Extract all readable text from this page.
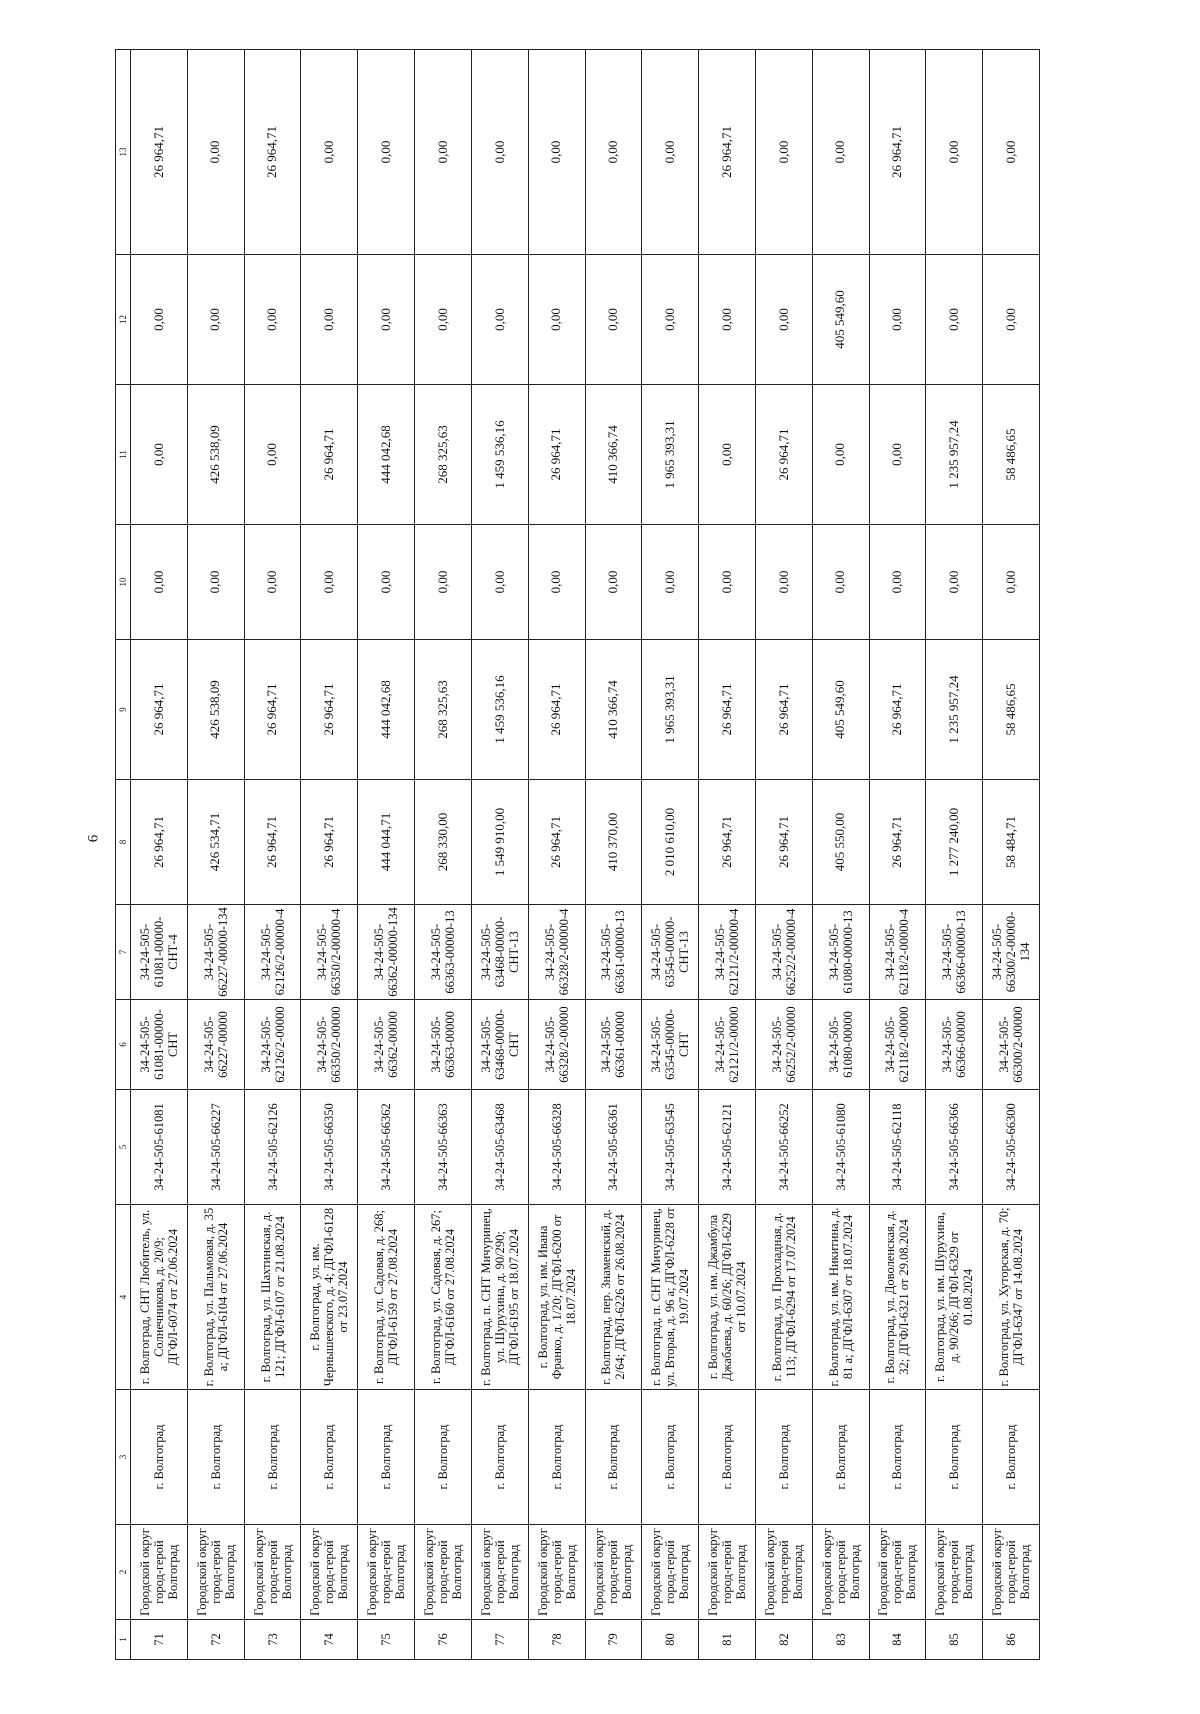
6
1	2	3	4	5	6	7	8	9	10	11	12	13
71	Городской округ город-герой Волгоград	г. Волгоград	г. Волгоград, СНТ Любитель, ул. Солнечникова, д. 20/9; ДГФЛ-6074 от 27.06.2024	34-24-505-61081	34-24-505-61081-00000-СНТ	34-24-505-61081-00000-СНТ-4	26 964,71	26 964,71	0,00	0,00	0,00	26 964,71
72	Городской округ город-герой Волгоград	г. Волгоград	г. Волгоград, ул. Пальмовая, д. 35 а; ДГФЛ-6104 от 27.06.2024	34-24-505-66227	34-24-505-66227-00000	34-24-505-66227-00000-134	426 534,71	426 538,09	0,00	426 538,09	0,00	0,00
73	Городской округ город-герой Волгоград	г. Волгоград	г. Волгоград, ул. Шахтинская, д. 121; ДГФЛ-6107 от 21.08.2024	34-24-505-62126	34-24-505-62126/2-00000	34-24-505-62126/2-00000-4	26 964,71	26 964,71	0,00	0,00	0,00	26 964,71
74	Городской округ город-герой Волгоград	г. Волгоград	г. Волгоград, ул. им. Чернышевского, д. 4; ДГФЛ-6128 от 23.07.2024	34-24-505-66350	34-24-505-66350/2-00000	34-24-505-66350/2-00000-4	26 964,71	26 964,71	0,00	26 964,71	0,00	0,00
75	Городской округ город-герой Волгоград	г. Волгоград	г. Волгоград, ул. Садовая, д. 268; ДГФЛ-6159 от 27.08.2024	34-24-505-66362	34-24-505-66362-00000	34-24-505-66362-00000-134	444 044,71	444 042,68	0,00	444 042,68	0,00	0,00
76	Городской округ город-герой Волгоград	г. Волгоград	г. Волгоград, ул. Садовая, д. 267; ДГФЛ-6160 от 27.08.2024	34-24-505-66363	34-24-505-66363-00000	34-24-505-66363-00000-13	268 330,00	268 325,63	0,00	268 325,63	0,00	0,00
77	Городской округ город-герой Волгоград	г. Волгоград	г. Волгоград, п. СНТ Мичуринец, ул. Шурухина, д. 90/290; ДГФЛ-6195 от 18.07.2024	34-24-505-63468	34-24-505-63468-00000-СНТ	34-24-505-63468-00000-СНТ-13	1 549 910,00	1 459 536,16	0,00	1 459 536,16	0,00	0,00
78	Городской округ город-герой Волгоград	г. Волгоград	г. Волгоград, ул. им. Ивана Франко, д. 1/20; ДГФЛ-6200 от 18.07.2024	34-24-505-66328	34-24-505-66328/2-00000	34-24-505-66328/2-00000-4	26 964,71	26 964,71	0,00	26 964,71	0,00	0,00
79	Городской округ город-герой Волгоград	г. Волгоград	г. Волгоград, пер. Знаменский, д. 2/64; ДГФЛ-6226 от 26.08.2024	34-24-505-66361	34-24-505-66361-00000	34-24-505-66361-00000-13	410 370,00	410 366,74	0,00	410 366,74	0,00	0,00
80	Городской округ город-герой Волгоград	г. Волгоград	г. Волгоград, п. СНТ Мичуринец, ул. Вторая, д. 96 а; ДГФЛ-6228 от 19.07.2024	34-24-505-63545	34-24-505-63545-00000-СНТ	34-24-505-63545-00000-СНТ-13	2 010 610,00	1 965 393,31	0,00	1 965 393,31	0,00	0,00
81	Городской округ город-герой Волгоград	г. Волгоград	г. Волгоград, ул. им. Джамбула Джабаева, д. 60/26; ДГФЛ-6229 от 10.07.2024	34-24-505-62121	34-24-505-62121/2-00000	34-24-505-62121/2-00000-4	26 964,71	26 964,71	0,00	0,00	0,00	26 964,71
82	Городской округ город-герой Волгоград	г. Волгоград	г. Волгоград, ул. Прохладная, д. 113; ДГФЛ-6294 от 17.07.2024	34-24-505-66252	34-24-505-66252/2-00000	34-24-505-66252/2-00000-4	26 964,71	26 964,71	0,00	26 964,71	0,00	0,00
83	Городской округ город-герой Волгоград	г. Волгоград	г. Волгоград, ул. им. Никитина, д. 81 а; ДГФЛ-6307 от 18.07.2024	34-24-505-61080	34-24-505-61080-00000	34-24-505-61080-00000-13	405 550,00	405 549,60	0,00	0,00	405 549,60	0,00
84	Городской округ город-герой Волгоград	г. Волгоград	г. Волгоград, ул. Доволенская, д. 32; ДГФЛ-6321 от 29.08.2024	34-24-505-62118	34-24-505-62118/2-00000	34-24-505-62118/2-00000-4	26 964,71	26 964,71	0,00	0,00	0,00	26 964,71
85	Городской округ город-герой Волгоград	г. Волгоград	г. Волгоград, ул. им. Шурухина, д. 90/266; ДГФЛ-6329 от 01.08.2024	34-24-505-66366	34-24-505-66366-00000	34-24-505-66366-00000-13	1 277 240,00	1 235 957,24	0,00	1 235 957,24	0,00	0,00
86	Городской округ город-герой Волгоград	г. Волгоград	г. Волгоград, ул. Хуторская, д. 70; ДГФЛ-6347 от 14.08.2024	34-24-505-66300	34-24-505-66300/2-00000	34-24-505-66300/2-00000-134	58 484,71	58 486,65	0,00	58 486,65	0,00	0,00
